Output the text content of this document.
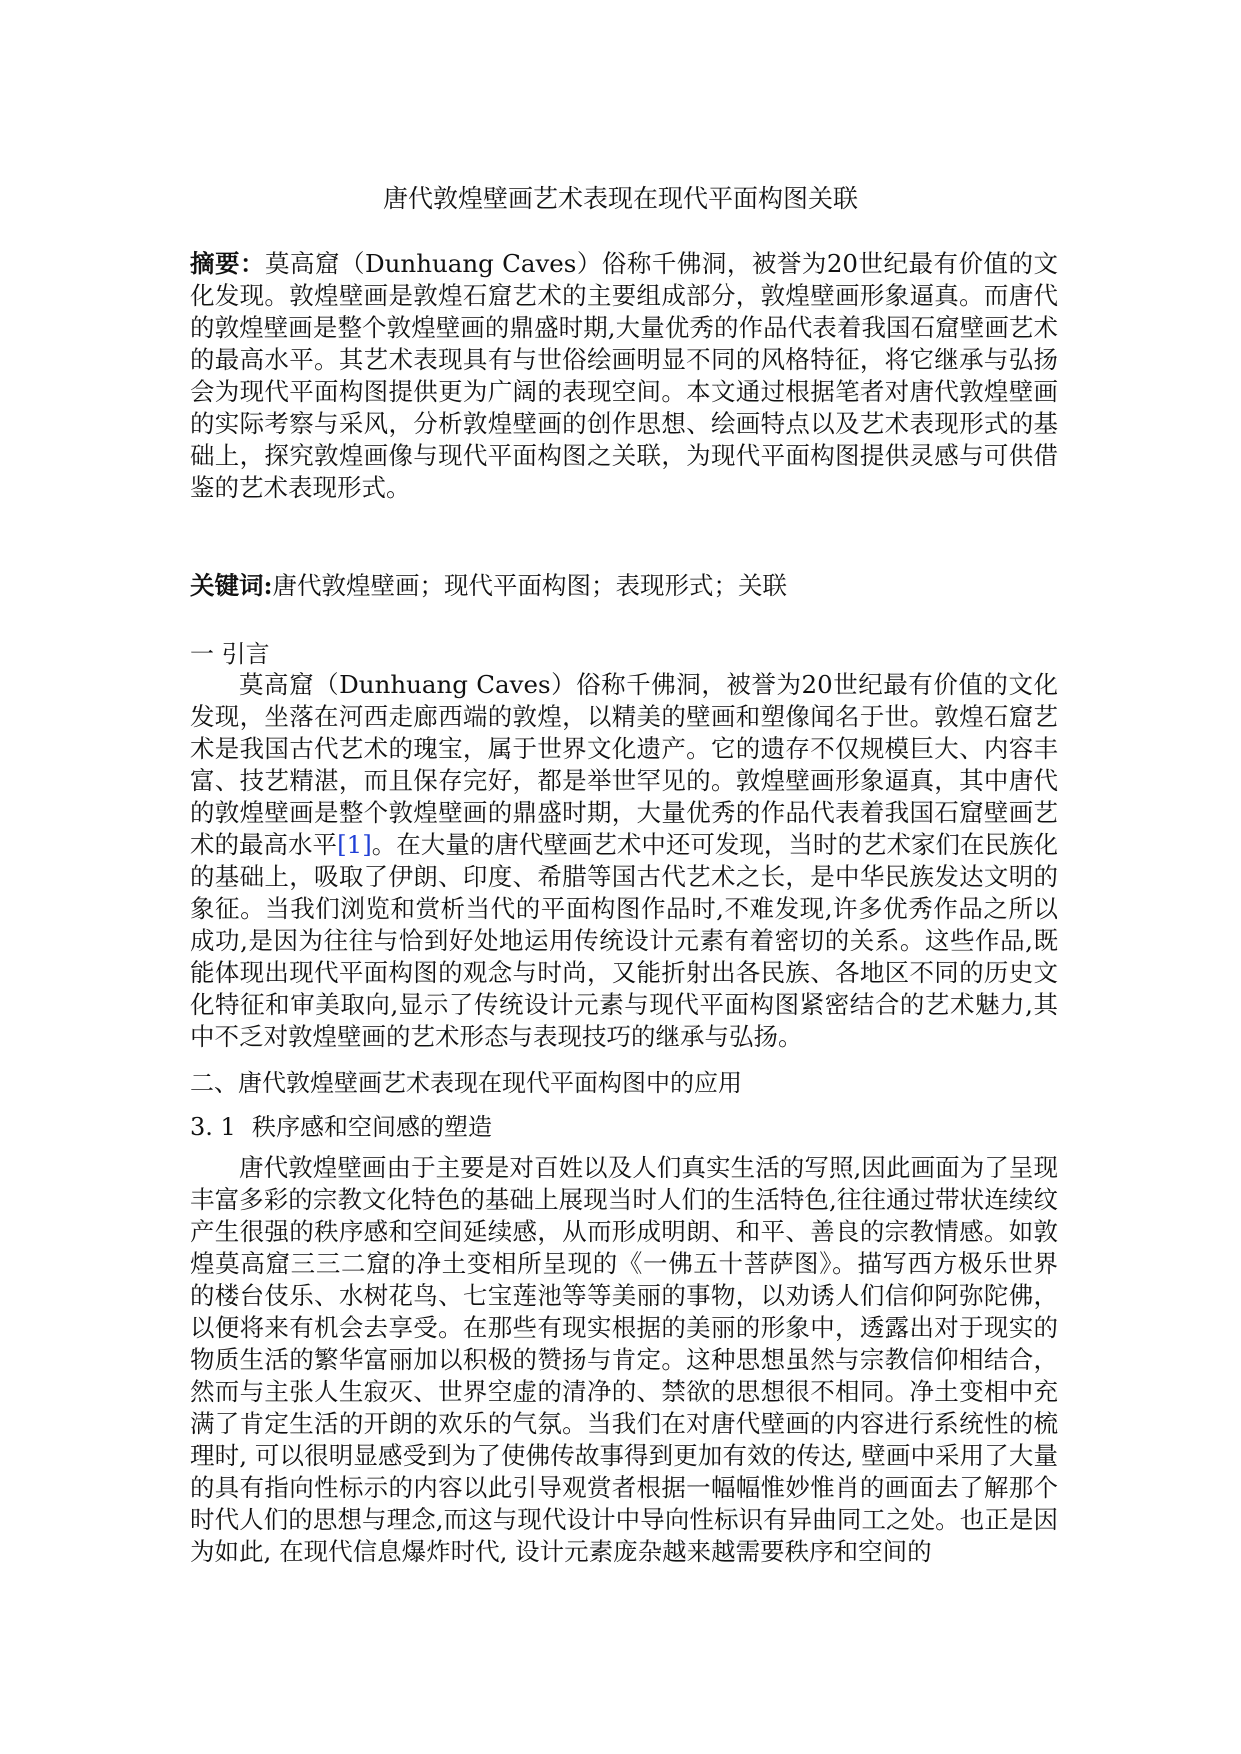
唐代敦煌壁画艺术表现在现代平面构图关联
摘要：莫高窟（Dunhuang Caves）俗称千佛洞，被誉为20世纪最有价值的文化发现。敦煌壁画是敦煌石窟艺术的主要组成部分，敦煌壁画形象逼真。而唐代的敦煌壁画是整个敦煌壁画的鼎盛时期,大量优秀的作品代表着我国石窟壁画艺术的最高水平。其艺术表现具有与世俗绘画明显不同的风格特征，将它继承与弘扬会为现代平面构图提供更为广阔的表现空间。本文通过根据笔者对唐代敦煌壁画的实际考察与采风，分析敦煌壁画的创作思想、绘画特点以及艺术表现形式的基础上，探究敦煌画像与现代平面构图之关联，为现代平面构图提供灵感与可供借鉴的艺术表现形式。
关键词:唐代敦煌壁画；现代平面构图；表现形式；关联
一 引言
莫高窟（Dunhuang Caves）俗称千佛洞，被誉为20世纪最有价值的文化发现，坐落在河西走廊西端的敦煌，以精美的壁画和塑像闻名于世。敦煌石窟艺术是我国古代艺术的瑰宝，属于世界文化遗产。它的遗存不仅规模巨大、内容丰富、技艺精湛，而且保存完好，都是举世罕见的。敦煌壁画形象逼真，其中唐代的敦煌壁画是整个敦煌壁画的鼎盛时期，大量优秀的作品代表着我国石窟壁画艺术的最高水平[1]。在大量的唐代壁画艺术中还可发现，当时的艺术家们在民族化的基础上，吸取了伊朗、印度、希腊等国古代艺术之长，是中华民族发达文明的象征。当我们浏览和赏析当代的平面构图作品时,不难发现,许多优秀作品之所以成功,是因为往往与恰到好处地运用传统设计元素有着密切的关系。这些作品,既能体现出现代平面构图的观念与时尚，又能折射出各民族、各地区不同的历史文化特征和审美取向,显示了传统设计元素与现代平面构图紧密结合的艺术魅力,其中不乏对敦煌壁画的艺术形态与表现技巧的继承与弘扬。
二、唐代敦煌壁画艺术表现在现代平面构图中的应用
3. 1 秩序感和空间感的塑造
唐代敦煌壁画由于主要是对百姓以及人们真实生活的写照,因此画面为了呈现丰富多彩的宗教文化特色的基础上展现当时人们的生活特色,往往通过带状连续纹产生很强的秩序感和空间延续感，从而形成明朗、和平、善良的宗教情感。如敦煌莫高窟三三二窟的净土变相所呈现的《一佛五十菩萨图》。描写西方极乐世界的楼台伎乐、水树花鸟、七宝莲池等等美丽的事物，以劝诱人们信仰阿弥陀佛，以便将来有机会去享受。在那些有现实根据的美丽的形象中，透露出对于现实的物质生活的繁华富丽加以积极的赞扬与肯定。这种思想虽然与宗教信仰相结合，然而与主张人生寂灭、世界空虚的清净的、禁欲的思想很不相同。净土变相中充满了肯定生活的开朗的欢乐的气氛。当我们在对唐代壁画的内容进行系统性的梳理时, 可以很明显感受到为了使佛传故事得到更加有效的传达, 壁画中采用了大量的具有指向性标示的内容以此引导观赏者根据一幅幅惟妙惟肖的画面去了解那个时代人们的思想与理念,而这与现代设计中导向性标识有异曲同工之处。也正是因为如此, 在现代信息爆炸时代, 设计元素庞杂越来越需要秩序和空间的
